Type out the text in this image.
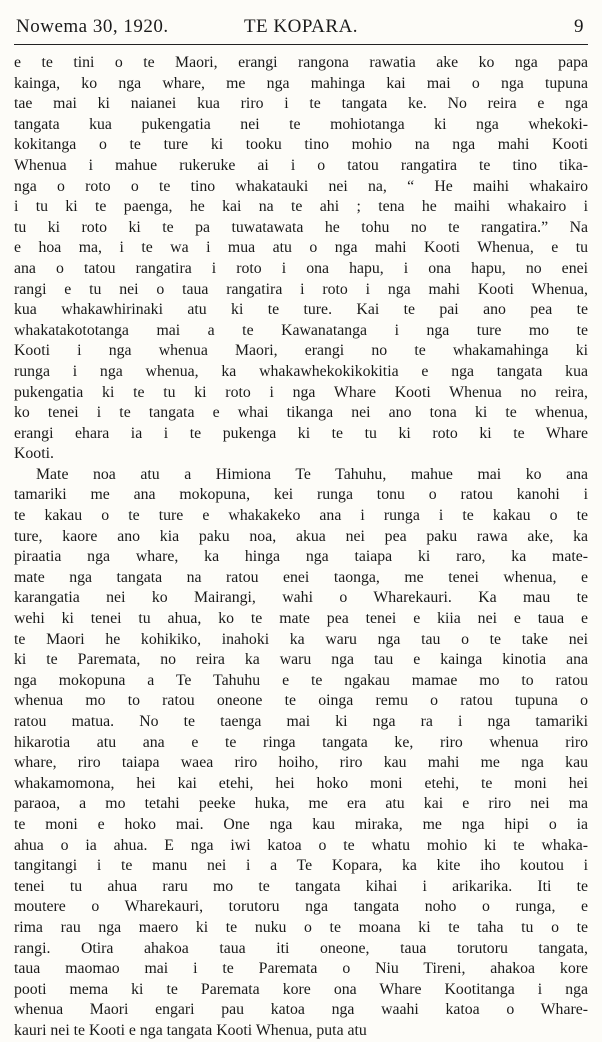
Nowema 30, 1920.	TE KOPARA.	9

e te tini o te Maori, erangi rangona rawatia ake ko nga papa

kainga, ko nga whare, me nga mahinga kai mai o nga tupuna

tae mai ki naianei kua riro i te tangata ke. No reira e nga

tangata kua pukengatia nei te mohiotanga ki nga whekoki-

kokitanga o te ture ki tooku tino mohio na nga mahi Kooti

Whenua i mahue rukeruke ai i o tatou rangatira te tino tika-

nga o roto o te tino whakatauki nei na, “ He maihi whakairo

i tu ki te paenga, he kai na te ahi ; tena he maihi whakairo i

tu ki roto ki te pa tuwatawata he tohu no te rangatira.” Na

e hoa ma, i te wa i mua atu o nga mahi Kooti Whenua, e tu

ana o tatou rangatira i roto i ona hapu, i ona hapu, no enei

rangi e tu nei o taua rangatira i roto i nga mahi Kooti Whenua,

kua whakawhirinaki atu ki te ture. Kai te pai ano pea te

whakatakototanga mai a te Kawanatanga i nga ture mo te

Kooti i nga whenua Maori, erangi no te whakamahinga ki

runga i nga whenua, ka whakawhekokikokitia e nga tangata kua

pukengatia ki te tu ki roto i nga Whare Kooti Whenua no reira,

ko tenei i te tangata e whai tikanga nei ano tona ki te whenua,

erangi ehara ia i te pukenga ki te tu ki roto ki te Whare

Kooti.

Mate noa atu a Himiona Te Tahuhu, mahue mai ko ana

tamariki me ana mokopuna, kei runga tonu o ratou kanohi i

te kakau o te ture e whakakeko ana i runga i te kakau o te

ture, kaore ano kia paku noa, akua nei pea paku rawa ake, ka

piraatia nga whare, ka hinga nga taiapa ki raro, ka mate-

mate nga tangata na ratou enei taonga, me tenei whenua, e

karangatia nei ko Mairangi, wahi o Wharekauri. Ka mau te

wehi ki tenei tu ahua, ko te mate pea tenei e kiia nei e taua e

te Maori he kohikiko, inahoki ka waru nga tau o te take nei

ki te Paremata, no reira ka waru nga tau e kainga kinotia ana

nga mokopuna a Te Tahuhu e te ngakau mamae mo to ratou

whenua mo to ratou oneone te oinga remu o ratou tupuna o

ratou matua. No te taenga mai ki nga ra i nga tamariki

hikarotia atu ana e te ringa tangata ke, riro whenua riro

whare, riro taiapa waea riro hoiho, riro kau mahi me nga kau

whakamomona, hei kai etehi, hei hoko moni etehi, te moni hei

paraoa, a mo tetahi peeke huka, me era atu kai e riro nei ma

te moni e hoko mai. One nga kau miraka, me nga hipi o ia

ahua o ia ahua. E nga iwi katoa o te whatu mohio ki te whaka-

tangitangi i te manu nei i a Te Kopara, ka kite iho koutou i

tenei tu ahua raru mo te tangata kihai i arikarika. Iti te

moutere o Wharekauri, torutoru nga tangata noho o runga, e

rima rau nga maero ki te nuku o te moana ki te taha tu o te

rangi. Otira ahakoa taua iti oneone, taua torutoru tangata,

taua maomao mai i te Paremata o Niu Tireni, ahakoa kore

pooti mema ki te Paremata kore ona Whare Kootitanga i nga

whenua Maori engari pau katoa nga waahi katoa o Whare-

kauri nei te Kooti e nga tangata Kooti Whenua, puta atu
